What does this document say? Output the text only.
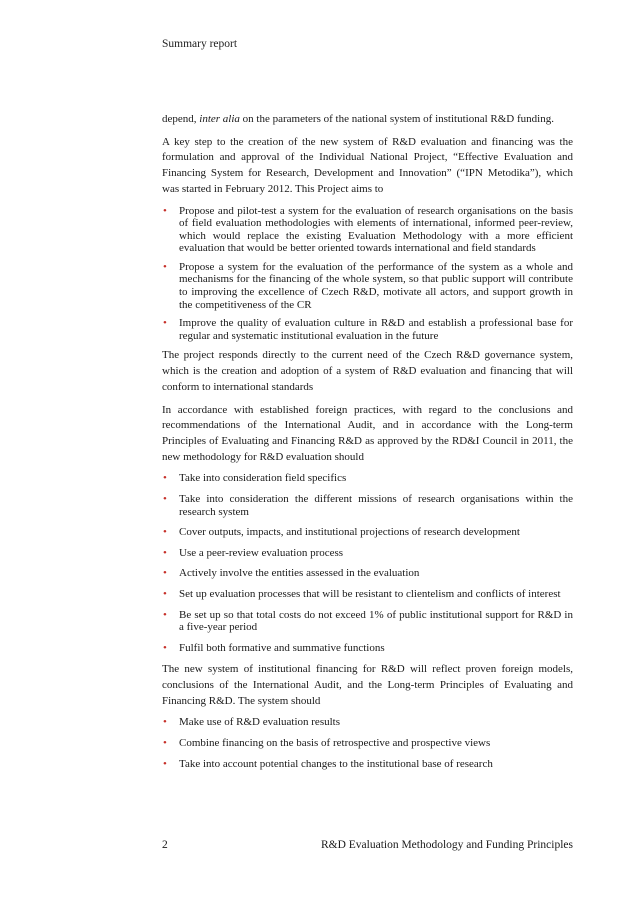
Summary report

depend, inter alia on the parameters of the national system of institutional R&D funding.

A key step to the creation of the new system of R&D evaluation and financing was the formulation and approval of the Individual National Project, “Effective Evaluation and Financing System for Research, Development and Innovation” (“IPN Metodika”), which was started in February 2012. This Project aims to

•
Propose and pilot-test a system for the evaluation of research organisations on the basis of field evaluation methodologies with elements of international, informed peer-review, which would replace the existing Evaluation Methodology with a more efficient evaluation that would be better oriented towards international and field standards
•
Propose a system for the evaluation of the performance of the system as a whole and mechanisms for the financing of the whole system, so that public support will contribute to improving the excellence of Czech R&D, motivate all actors, and support growth in the competitiveness of the CR
•
Improve the quality of evaluation culture in R&D and establish a professional base for regular and systematic institutional evaluation in the future

The project responds directly to the current need of the Czech R&D governance system, which is the creation and adoption of a system of R&D evaluation and financing that will conform to international standards

In accordance with established foreign practices, with regard to the conclusions and recommendations of the International Audit, and in accordance with the Long-term Principles of Evaluating and Financing R&D as approved by the RD&I Council in 2011, the new methodology for R&D evaluation should

•
Take into consideration field specifics
•
Take into consideration the different missions of research organisations within the research system
•
Cover outputs, impacts, and institutional projections of research development
•
Use a peer-review evaluation process
•
Actively involve the entities assessed in the evaluation
•
Set up evaluation processes that will be resistant to clientelism and conflicts of interest
•
Be set up so that total costs do not exceed 1% of public institutional support for R&D in a five-year period
•
Fulfil both formative and summative functions

The new system of institutional financing for R&D will reflect proven foreign models, conclusions of the International Audit, and the Long-term Principles of Evaluating and Financing R&D. The system should

•
Make use of R&D evaluation results
•
Combine financing on the basis of retrospective and prospective views
•
Take into account potential changes to the institutional base of research
2	R&D Evaluation Methodology and Funding Principles
